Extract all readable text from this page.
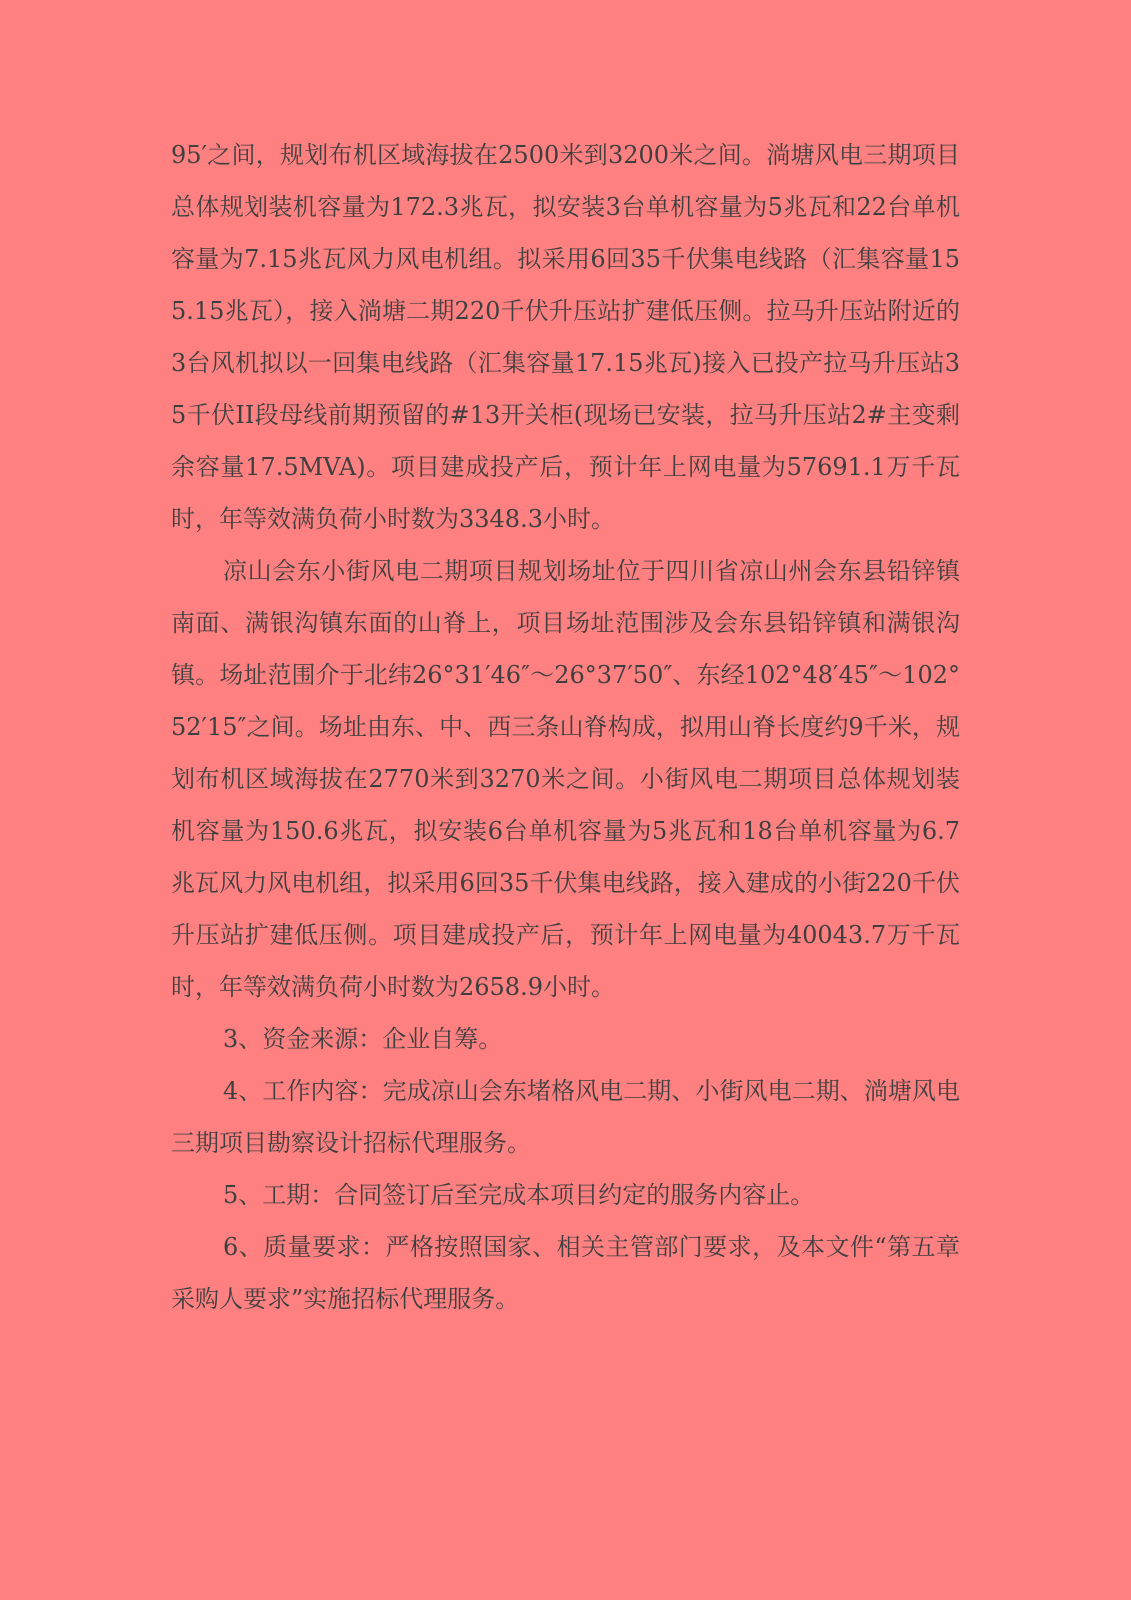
95′之间，规划布机区域海拔在2500米到3200米之间。淌塘风电三期项目总体规划装机容量为172.3兆瓦，拟安装3台单机容量为5兆瓦和22台单机容量为7.15兆瓦风力风电机组。拟采用6回35千伏集电线路（汇集容量155.15兆瓦），接入淌塘二期220千伏升压站扩建低压侧。拉马升压站附近的3台风机拟以一回集电线路（汇集容量17.15兆瓦)接入已投产拉马升压站35千伏II段母线前期预留的#13开关柜(现场已安装，拉马升压站2#主变剩余容量17.5MVA)。项目建成投产后，预计年上网电量为57691.1万千瓦时，年等效满负荷小时数为3348.3小时。

凉山会东小街风电二期项目规划场址位于四川省凉山州会东县铅锌镇南面、满银沟镇东面的山脊上，项目场址范围涉及会东县铅锌镇和满银沟镇。场址范围介于北纬26°31′46″～26°37′50″、东经102°48′45″～102°52′15″之间。场址由东、中、西三条山脊构成，拟用山脊长度约9千米，规划布机区域海拔在2770米到3270米之间。小街风电二期项目总体规划装机容量为150.6兆瓦，拟安装6台单机容量为5兆瓦和18台单机容量为6.7兆瓦风力风电机组，拟采用6回35千伏集电线路，接入建成的小街220千伏升压站扩建低压侧。项目建成投产后，预计年上网电量为40043.7万千瓦时，年等效满负荷小时数为2658.9小时。

3、资金来源：企业自筹。

4、工作内容：完成凉山会东堵格风电二期、小街风电二期、淌塘风电三期项目勘察设计招标代理服务。

5、工期：合同签订后至完成本项目约定的服务内容止。

6、质量要求：严格按照国家、相关主管部门要求，及本文件“第五章 采购人要求”实施招标代理服务。
